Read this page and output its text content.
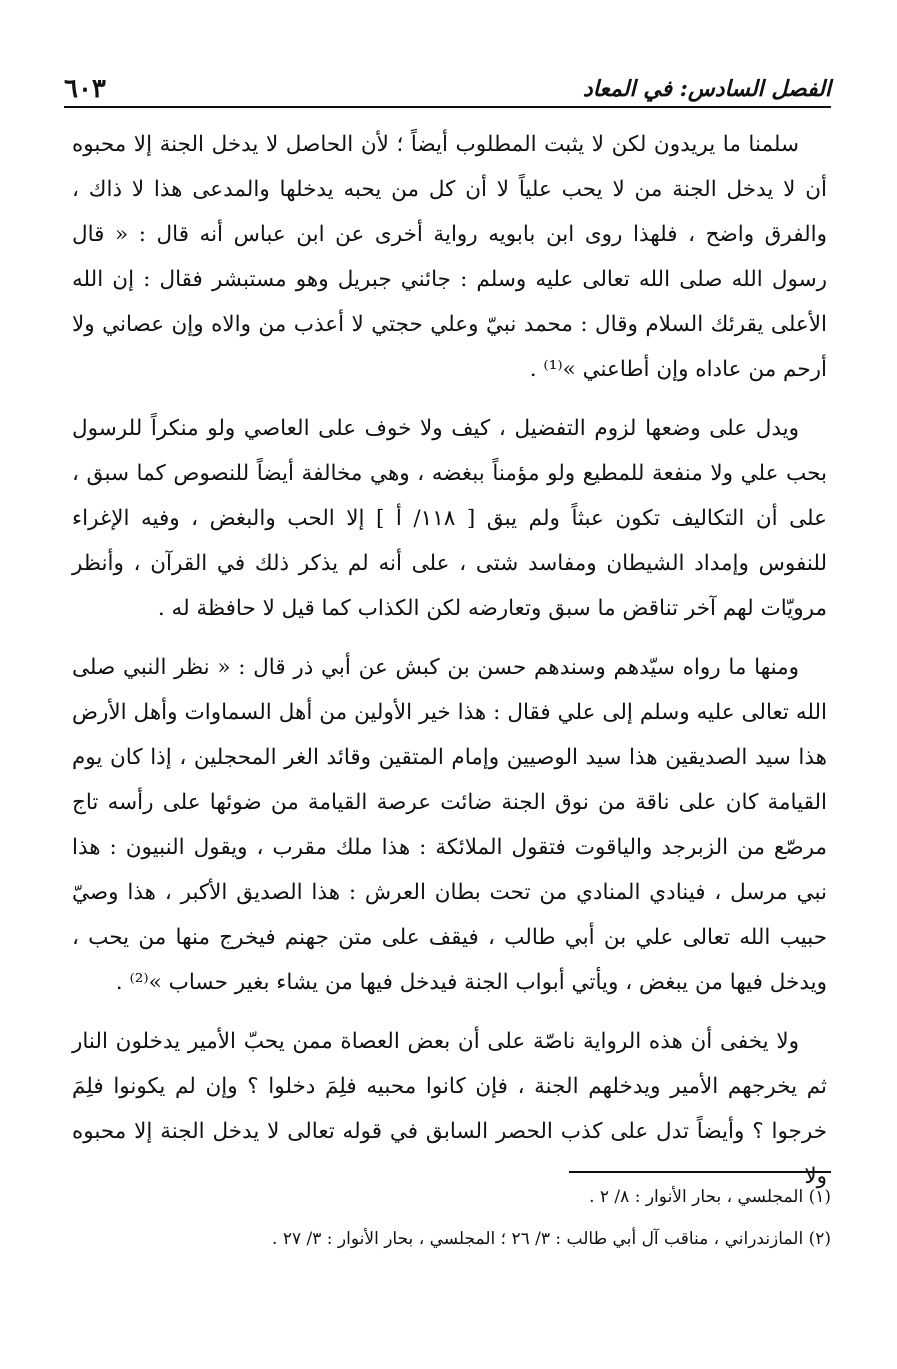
الفصل السادس: في المعاد
٦٠٣

سلمنا ما يريدون لكن لا يثبت المطلوب أيضاً ؛ لأن الحاصل لا يدخل الجنة إلا محبوه أن لا يدخل الجنة من لا يحب علياً لا أن كل من يحبه يدخلها والمدعى هذا لا ذاك ، والفرق واضح ، فلهذا روى ابن بابويه رواية أخرى عن ابن عباس أنه قال : « قال رسول الله صلى الله تعالى عليه وسلم : جائني جبريل وهو مستبشر فقال : إن الله الأعلى يقرئك السلام وقال : محمد نبيّ وعلي حجتي لا أعذب من والاه وإن عصاني ولا أرحم من عاداه وإن أطاعني »⁽¹⁾ .

ويدل على وضعها لزوم التفضيل ، كيف ولا خوف على العاصي ولو منكراً للرسول بحب علي ولا منفعة للمطيع ولو مؤمناً ببغضه ، وهي مخالفة أيضاً للنصوص كما سبق ، على أن التكاليف تكون عبثاً ولم يبق [ ١١٨/ أ ] إلا الحب والبغض ، وفيه الإغراء للنفوس وإمداد الشيطان ومفاسد شتى ، على أنه لم يذكر ذلك في القرآن ، وأنظر مرويّات لهم آخر تناقض ما سبق وتعارضه لكن الكذاب كما قيل لا حافظة له .

ومنها ما رواه سيّدهم وسندهم حسن بن كبش عن أبي ذر قال : « نظر النبي صلى الله تعالى عليه وسلم إلى علي فقال : هذا خير الأولين من أهل السماوات وأهل الأرض هذا سيد الصديقين هذا سيد الوصيين وإمام المتقين وقائد الغر المحجلين ، إذا كان يوم القيامة كان على ناقة من نوق الجنة ضائت عرصة القيامة من ضوئها على رأسه تاج مرصّع من الزبرجد والياقوت فتقول الملائكة : هذا ملك مقرب ، ويقول النبيون : هذا نبي مرسل ، فينادي المنادي من تحت بطان العرش : هذا الصديق الأكبر ، هذا وصيّ حبيب الله تعالى علي بن أبي طالب ، فيقف على متن جهنم فيخرج منها من يحب ، ويدخل فيها من يبغض ، ويأتي أبواب الجنة فيدخل فيها من يشاء بغير حساب »⁽²⁾ .

ولا يخفى أن هذه الرواية ناصّة على أن بعض العصاة ممن يحبّ الأمير يدخلون النار ثم يخرجهم الأمير ويدخلهم الجنة ، فإن كانوا محبيه فلِمَ دخلوا ؟ وإن لم يكونوا فلِمَ خرجوا ؟ وأيضاً تدل على كذب الحصر السابق في قوله تعالى لا يدخل الجنة إلا محبوه ولا

(١) المجلسي ، بحار الأنوار : ٨/ ٢ .

(٢) المازندراني ، مناقب آل أبي طالب : ٣/ ٢٦ ؛ المجلسي ، بحار الأنوار : ٣/ ٢٧ .
